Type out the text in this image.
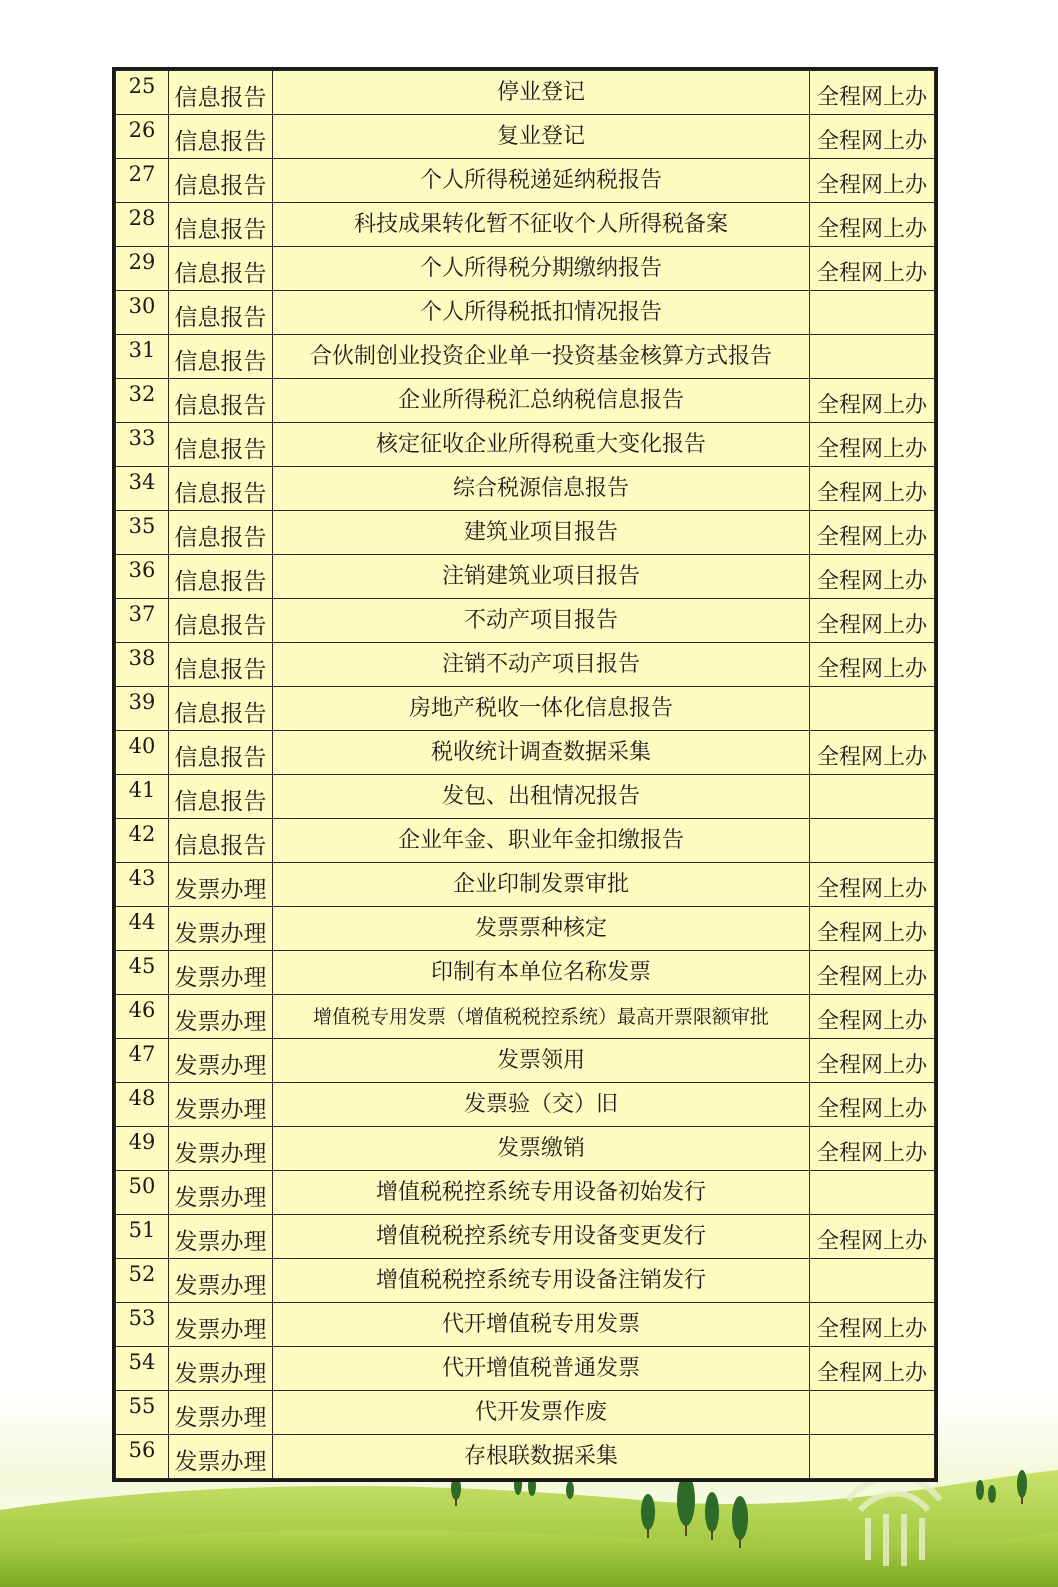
25	信息报告	停业登记	全程网上办
26	信息报告	复业登记	全程网上办
27	信息报告	个人所得税递延纳税报告	全程网上办
28	信息报告	科技成果转化暂不征收个人所得税备案	全程网上办
29	信息报告	个人所得税分期缴纳报告	全程网上办
30	信息报告	个人所得税抵扣情况报告	
31	信息报告	合伙制创业投资企业单一投资基金核算方式报告	
32	信息报告	企业所得税汇总纳税信息报告	全程网上办
33	信息报告	核定征收企业所得税重大变化报告	全程网上办
34	信息报告	综合税源信息报告	全程网上办
35	信息报告	建筑业项目报告	全程网上办
36	信息报告	注销建筑业项目报告	全程网上办
37	信息报告	不动产项目报告	全程网上办
38	信息报告	注销不动产项目报告	全程网上办
39	信息报告	房地产税收一体化信息报告	
40	信息报告	税收统计调查数据采集	全程网上办
41	信息报告	发包、出租情况报告	
42	信息报告	企业年金、职业年金扣缴报告	
43	发票办理	企业印制发票审批	全程网上办
44	发票办理	发票票种核定	全程网上办
45	发票办理	印制有本单位名称发票	全程网上办
46	发票办理	增值税专用发票（增值税税控系统）最高开票限额审批	全程网上办
47	发票办理	发票领用	全程网上办
48	发票办理	发票验（交）旧	全程网上办
49	发票办理	发票缴销	全程网上办
50	发票办理	增值税税控系统专用设备初始发行	
51	发票办理	增值税税控系统专用设备变更发行	全程网上办
52	发票办理	增值税税控系统专用设备注销发行	
53	发票办理	代开增值税专用发票	全程网上办
54	发票办理	代开增值税普通发票	全程网上办
55	发票办理	代开发票作废	
56	发票办理	存根联数据采集	
